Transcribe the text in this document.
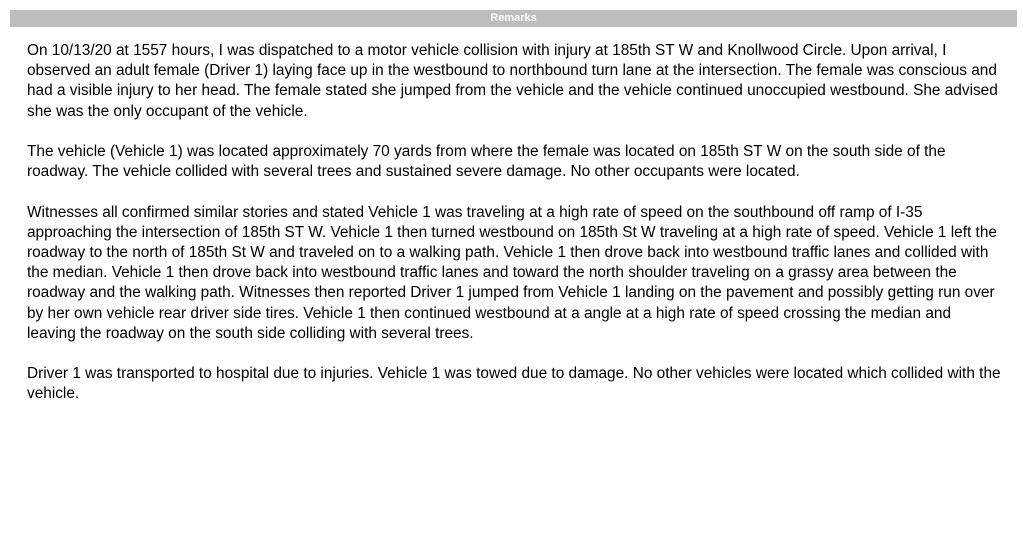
Remarks

On 10/13/20 at 1557 hours, I was dispatched to a motor vehicle collision with injury at 185th ST W and Knollwood Circle. Upon arrival, I observed an adult female (Driver 1) laying face up in the westbound to northbound turn lane at the intersection. The female was conscious and had a visible injury to her head. The female stated she jumped from the vehicle and the vehicle continued unoccupied westbound. She advised she was the only occupant of the vehicle.

The vehicle (Vehicle 1) was located approximately 70 yards from where the female was located on 185th ST W on the south side of the roadway. The vehicle collided with several trees and sustained severe damage. No other occupants were located.

Witnesses all confirmed similar stories and stated Vehicle 1 was traveling at a high rate of speed on the southbound off ramp of I-35 approaching the intersection of 185th ST W. Vehicle 1 then turned westbound on 185th St W traveling at a high rate of speed. Vehicle 1 left the roadway to the north of 185th St W and traveled on to a walking path. Vehicle 1 then drove back into westbound traffic lanes and collided with the median. Vehicle 1 then drove back into westbound traffic lanes and toward the north shoulder traveling on a grassy area between the roadway and the walking path. Witnesses then reported Driver 1 jumped from Vehicle 1 landing on the pavement and possibly getting run over by her own vehicle rear driver side tires. Vehicle 1 then continued westbound at a angle at a high rate of speed crossing the median and leaving the roadway on the south side colliding with several trees.

Driver 1 was transported to hospital due to injuries. Vehicle 1 was towed due to damage. No other vehicles were located which collided with the vehicle.
